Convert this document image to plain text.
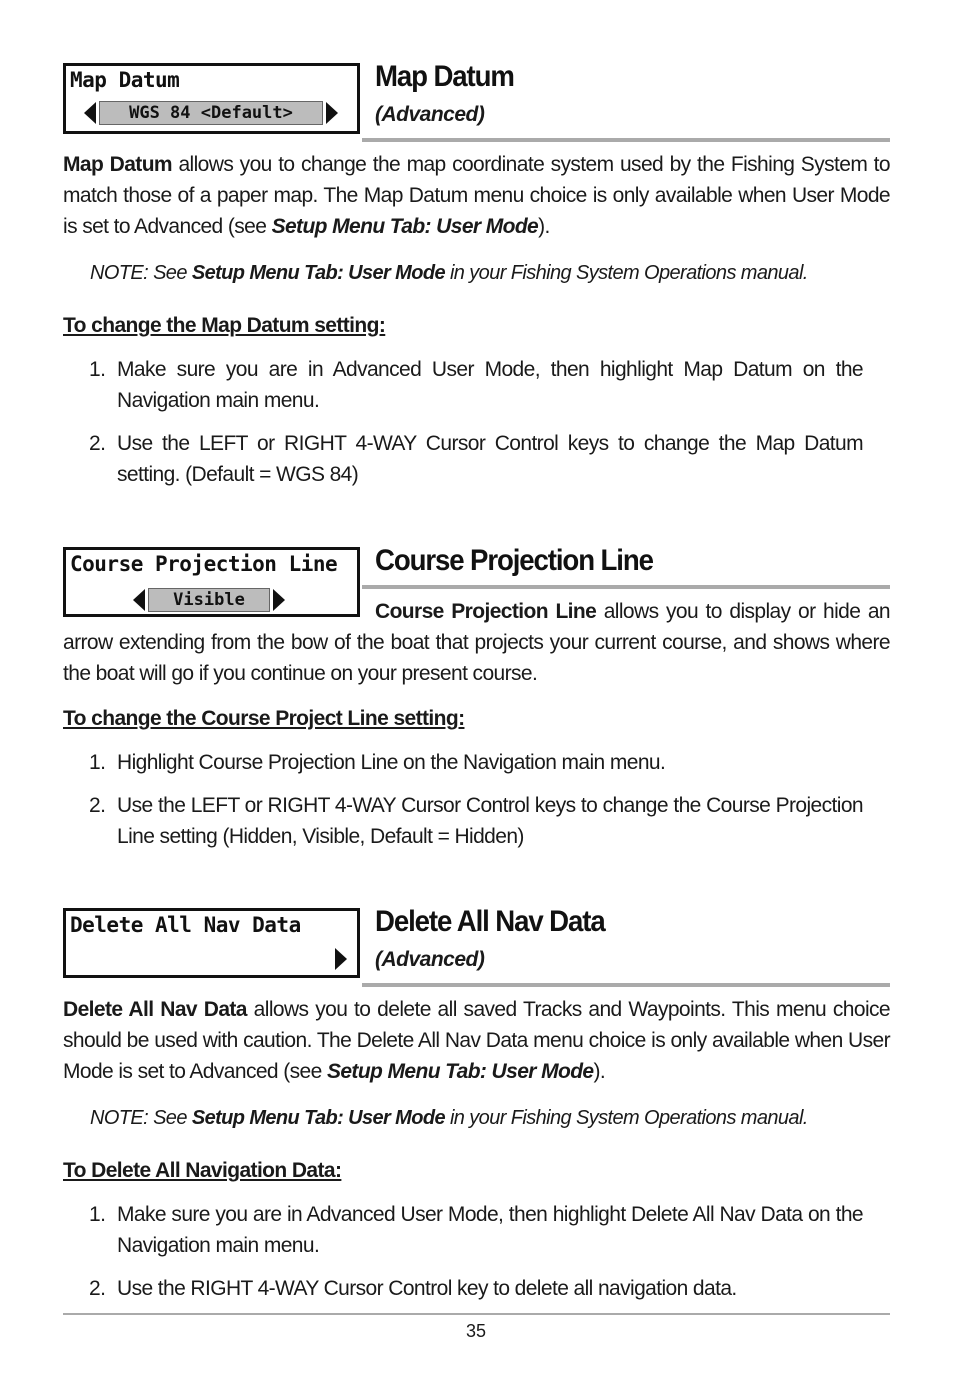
Map Datum
WGS 84 <Default>
Map Datum
(Advanced)
Map Datum allows you to change the map coordinate system used by the Fishing System to match those of a paper map. The Map Datum menu choice is only available when User Mode is set to Advanced (see Setup Menu Tab: User Mode).
NOTE: See Setup Menu Tab: User Mode in your Fishing System Operations manual.
To change the Map Datum setting:
1. Make sure you are in Advanced User Mode, then highlight Map Datum on the Navigation main menu.
2. Use the LEFT or RIGHT 4-WAY Cursor Control keys to change the Map Datum setting. (Default = WGS 84)
Course Projection Line
Visible
Course Projection Line
Course Projection Line allows you to display or hide an arrow extending from the bow of the boat that projects your current course, and shows where the boat will go if you continue on your present course.
To change the Course Project Line setting:
1. Highlight Course Projection Line on the Navigation main menu.
2. Use the LEFT or RIGHT 4-WAY Cursor Control keys to change the Course Projection Line setting (Hidden, Visible, Default = Hidden)
Delete All Nav Data Delete All Nav Data
(Advanced)
Delete All Nav Data allows you to delete all saved Tracks and Waypoints. This menu choice should be used with caution. The Delete All Nav Data menu choice is only available when User Mode is set to Advanced (see Setup Menu Tab: User Mode).
NOTE: See Setup Menu Tab: User Mode in your Fishing System Operations manual.
To Delete All Navigation Data:
1. Make sure you are in Advanced User Mode, then highlight Delete All Nav Data on the Navigation main menu.
2. Use the RIGHT 4-WAY Cursor Control key to delete all navigation data.
35
